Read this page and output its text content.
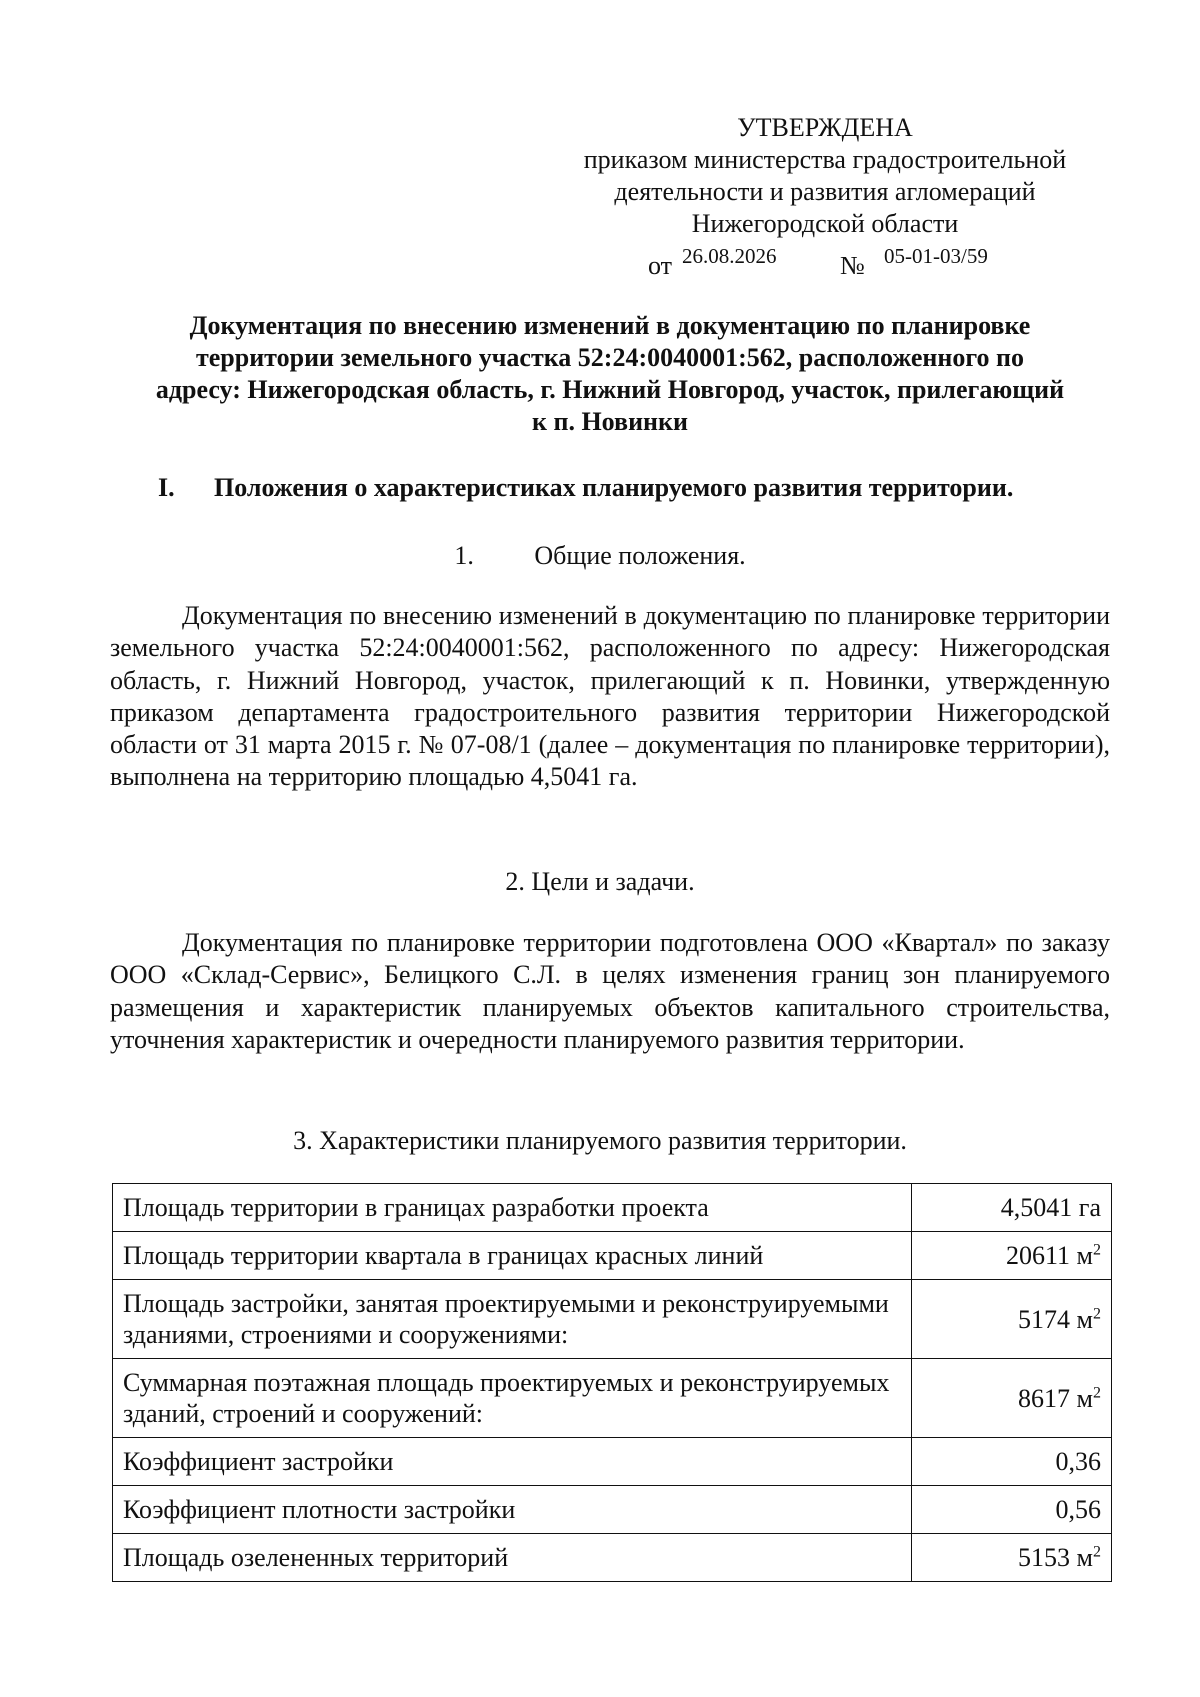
УТВЕРЖДЕНА
приказом министерства градостроительной
деятельности и развития агломераций
Нижегородской области
от 26.08.2026 № 05-01-03/59
Документация по внесению изменений в документацию по планировке
территории земельного участка 52:24:0040001:562, расположенного по
адресу: Нижегородская область, г. Нижний Новгород, участок, прилегающий
к п. Новинки
I. Положения о характеристиках планируемого развития территории.
1. Общие положения.

Документация по внесению изменений в документацию по планировке территории земельного участка 52:24:0040001:562, расположенного по адресу: Нижегородская область, г. Нижний Новгород, участок, прилегающий к п. Новинки, утвержденную приказом департамента градостроительного развития территории Нижегородской области от 31 марта 2015 г. № 07-08/1 (далее – документация по планировке территории), выполнена на территорию площадью 4,5041 га.

2. Цели и задачи.

Документация по планировке территории подготовлена ООО «Квартал» по заказу ООО «Склад-Сервис», Белицкого С.Л. в целях изменения границ зон планируемого размещения и характеристик планируемых объектов капитального строительства, уточнения характеристик и очередности планируемого развития территории.

3. Характеристики планируемого развития территории.
Площадь территории в границах разработки проекта	4,5041 га
Площадь территории квартала в границах красных линий	20611 $м^2$
Площадь застройки, занятая проектируемыми и реконструируемыми зданиями, строениями и сооружениями:	5174 $м^2$
Суммарная поэтажная площадь проектируемых и реконструируемых зданий, строений и сооружений:	8617 $м^2$
Коэффициент застройки	0,36
Коэффициент плотности застройки	0,56
Площадь озелененных территорий	5153 $м^2$
